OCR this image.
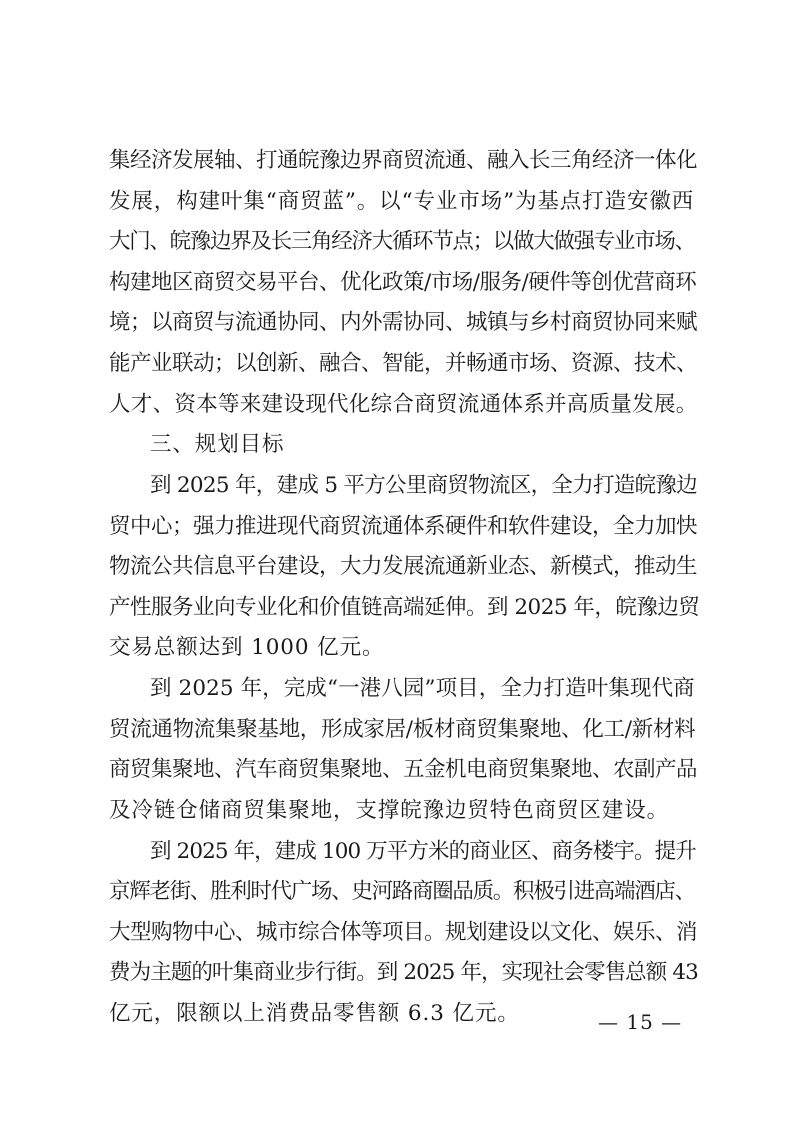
集经济发展轴、打通皖豫边界商贸流通、融入长三角经济一体化
发展，构建叶集“商贸蓝”。以“专业市场”为基点打造安徽西
大门、皖豫边界及长三角经济大循环节点；以做大做强专业市场、
构建地区商贸交易平台、优化政策/市场/服务/硬件等创优营商环
境；以商贸与流通协同、内外需协同、城镇与乡村商贸协同来赋
能产业联动；以创新、融合、智能，并畅通市场、资源、技术、
人才、资本等来建设现代化综合商贸流通体系并高质量发展。
三、规划目标
到 2025 年，建成 5 平方公里商贸物流区，全力打造皖豫边
贸中心；强力推进现代商贸流通体系硬件和软件建设，全力加快
物流公共信息平台建设，大力发展流通新业态、新模式，推动生
产性服务业向专业化和价值链高端延伸。到 2025 年，皖豫边贸
交易总额达到 1000 亿元。
到 2025 年，完成“一港八园”项目，全力打造叶集现代商
贸流通物流集聚基地，形成家居/板材商贸集聚地、化工/新材料
商贸集聚地、汽车商贸集聚地、五金机电商贸集聚地、农副产品
及冷链仓储商贸集聚地，支撑皖豫边贸特色商贸区建设。
到 2025 年，建成 100 万平方米的商业区、商务楼宇。提升
京辉老街、胜利时代广场、史河路商圈品质。积极引进高端酒店、
大型购物中心、城市综合体等项目。规划建设以文化、娱乐、消
费为主题的叶集商业步行街。到 2025 年，实现社会零售总额 43
亿元，限额以上消费品零售额 6.3 亿元。	— 15 —
